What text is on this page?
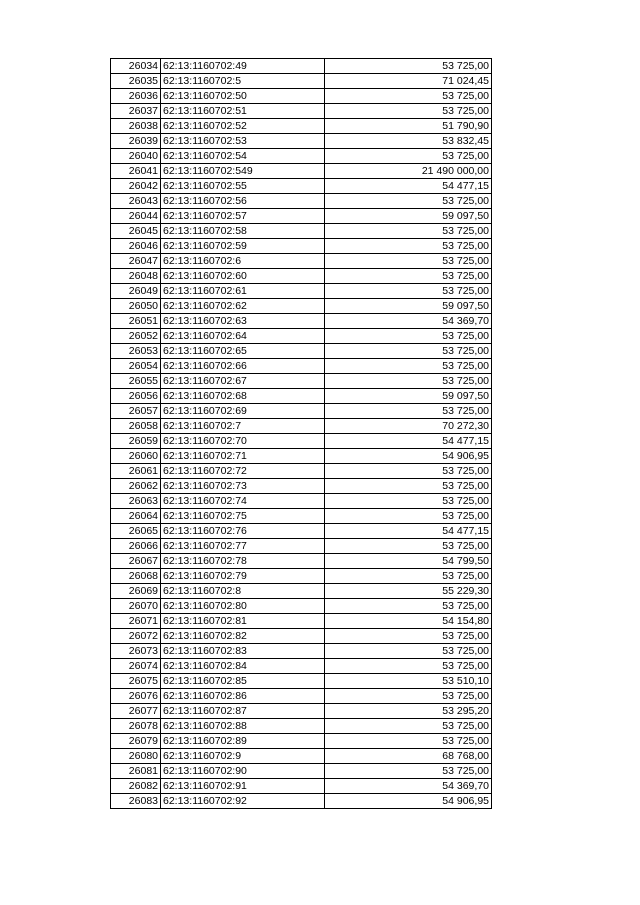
26034	62:13:1160702:49	53 725,00
26035	62:13:1160702:5	71 024,45
26036	62:13:1160702:50	53 725,00
26037	62:13:1160702:51	53 725,00
26038	62:13:1160702:52	51 790,90
26039	62:13:1160702:53	53 832,45
26040	62:13:1160702:54	53 725,00
26041	62:13:1160702:549	21 490 000,00
26042	62:13:1160702:55	54 477,15
26043	62:13:1160702:56	53 725,00
26044	62:13:1160702:57	59 097,50
26045	62:13:1160702:58	53 725,00
26046	62:13:1160702:59	53 725,00
26047	62:13:1160702:6	53 725,00
26048	62:13:1160702:60	53 725,00
26049	62:13:1160702:61	53 725,00
26050	62:13:1160702:62	59 097,50
26051	62:13:1160702:63	54 369,70
26052	62:13:1160702:64	53 725,00
26053	62:13:1160702:65	53 725,00
26054	62:13:1160702:66	53 725,00
26055	62:13:1160702:67	53 725,00
26056	62:13:1160702:68	59 097,50
26057	62:13:1160702:69	53 725,00
26058	62:13:1160702:7	70 272,30
26059	62:13:1160702:70	54 477,15
26060	62:13:1160702:71	54 906,95
26061	62:13:1160702:72	53 725,00
26062	62:13:1160702:73	53 725,00
26063	62:13:1160702:74	53 725,00
26064	62:13:1160702:75	53 725,00
26065	62:13:1160702:76	54 477,15
26066	62:13:1160702:77	53 725,00
26067	62:13:1160702:78	54 799,50
26068	62:13:1160702:79	53 725,00
26069	62:13:1160702:8	55 229,30
26070	62:13:1160702:80	53 725,00
26071	62:13:1160702:81	54 154,80
26072	62:13:1160702:82	53 725,00
26073	62:13:1160702:83	53 725,00
26074	62:13:1160702:84	53 725,00
26075	62:13:1160702:85	53 510,10
26076	62:13:1160702:86	53 725,00
26077	62:13:1160702:87	53 295,20
26078	62:13:1160702:88	53 725,00
26079	62:13:1160702:89	53 725,00
26080	62:13:1160702:9	68 768,00
26081	62:13:1160702:90	53 725,00
26082	62:13:1160702:91	54 369,70
26083	62:13:1160702:92	54 906,95
